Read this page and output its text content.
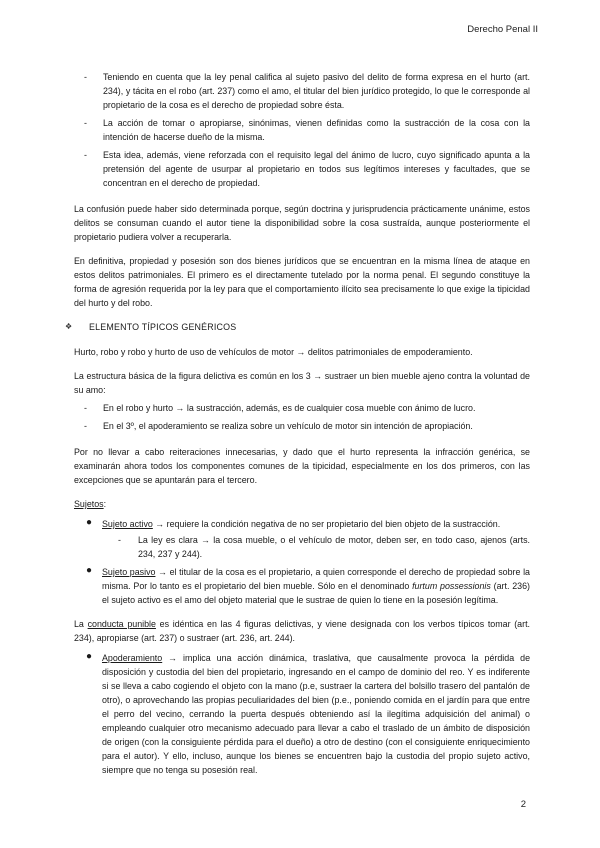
Derecho Penal II
- Teniendo en cuenta que la ley penal califica al sujeto pasivo del delito de forma expresa en el hurto (art. 234), y tácita en el robo (art. 237) como el amo, el titular del bien jurídico protegido, lo que le corresponde al propietario de la cosa es el derecho de propiedad sobre ésta.
- La acción de tomar o apropiarse, sinónimas, vienen definidas como la sustracción de la cosa con la intención de hacerse dueño de la misma.
- Esta idea, además, viene reforzada con el requisito legal del ánimo de lucro, cuyo significado apunta a la pretensión del agente de usurpar al propietario en todos sus legítimos intereses y facultades, que se concentran en el derecho de propiedad.

La confusión puede haber sido determinada porque, según doctrina y jurisprudencia prácticamente unánime, estos delitos se consuman cuando el autor tiene la disponibilidad sobre la cosa sustraída, aunque posteriormente el propietario pudiera volver a recuperarla.

En definitiva, propiedad y posesión son dos bienes jurídicos que se encuentran en la misma línea de ataque en estos delitos patrimoniales. El primero es el directamente tutelado por la norma penal. El segundo constituye la forma de agresión requerida por la ley para que el comportamiento ilícito sea precisamente lo que exige la tipicidad del hurto y del robo.

❖	ELEMENTO TÍPICOS GENÉRICOS

Hurto, robo y robo y hurto de uso de vehículos de motor → delitos patrimoniales de empoderamiento.

La estructura básica de la figura delictiva es común en los 3 → sustraer un bien mueble ajeno contra la voluntad de su amo:

- En el robo y hurto → la sustracción, además, es de cualquier cosa mueble con ánimo de lucro.
- En el 3º, el apoderamiento se realiza sobre un vehículo de motor sin intención de apropiación.

Por no llevar a cabo reiteraciones innecesarias, y dado que el hurto representa la infracción genérica, se examinarán ahora todos los componentes comunes de la tipicidad, especialmente en los dos primeros, con las excepciones que se apuntarán para el tercero.

Sujetos:
● Sujeto activo → requiere la condición negativa de no ser propietario del bien objeto de la sustracción.
- La ley es clara → la cosa mueble, o el vehículo de motor, deben ser, en todo caso, ajenos (arts. 234, 237 y 244).
● Sujeto pasivo → el titular de la cosa es el propietario, a quien corresponde el derecho de propiedad sobre la misma. Por lo tanto es el propietario del bien mueble. Sólo en el denominado furtum possessionis (art. 236) el sujeto activo es el amo del objeto material que le sustrae de quien lo tiene en la posesión legítima.

La conducta punible es idéntica en las 4 figuras delictivas, y viene designada con los verbos típicos tomar (art. 234), apropiarse (art. 237) o sustraer (art. 236, art. 244).

● Apoderamiento → implica una acción dinámica, traslativa, que causalmente provoca la pérdida de disposición y custodia del bien del propietario, ingresando en el campo de dominio del reo. Y es indiferente si se lleva a cabo cogiendo el objeto con la mano (p.e, sustraer la cartera del bolsillo trasero del pantalón de otro), o aprovechando las propias peculiaridades del bien (p.e., poniendo comida en el jardín para que entre el perro del vecino, cerrando la puerta después obteniendo así la ilegítima adquisición del animal) o empleando cualquier otro mecanismo adecuado para llevar a cabo el traslado de un ámbito de disposición de origen (con la consiguiente pérdida para el dueño) a otro de destino (con el consiguiente enriquecimiento para el autor). Y ello, incluso, aunque los bienes se encuentren bajo la custodia del propio sujeto activo, siempre que no tenga su posesión real.
2
